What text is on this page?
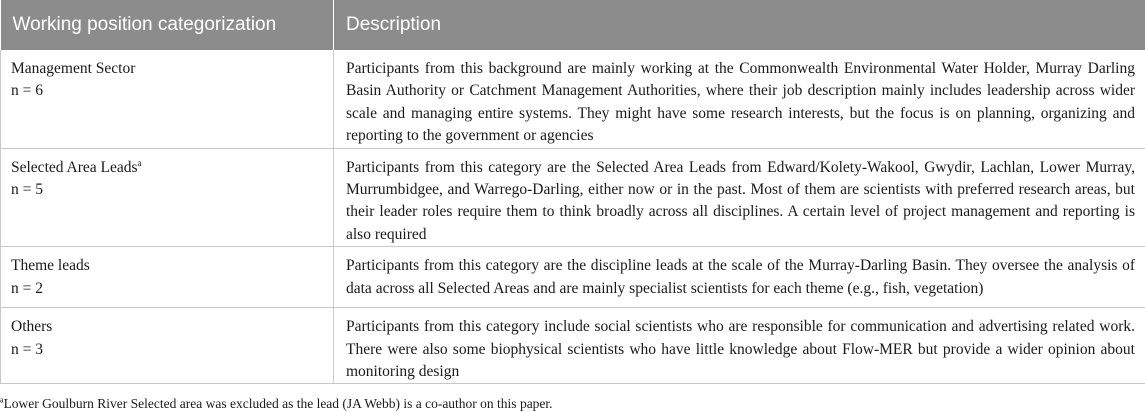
Working position categorization	Description

Management Sector
n = 6	Participants from this background are mainly working at the Commonwealth Environmental Water Holder, Murray Darling Basin Authority or Catchment Management Authorities, where their job description mainly includes leadership across wider scale and managing entire systems. They might have some research interests, but the focus is on planning, organizing and reporting to the government or agencies

Selected Area Leads$^a$
n = 5	Participants from this category are the Selected Area Leads from Edward/Kolety-Wakool, Gwydir, Lachlan, Lower Murray, Murrumbidgee, and Warrego-Darling, either now or in the past. Most of them are scientists with preferred research areas, but their leader roles require them to think broadly across all disciplines. A certain level of project management and reporting is also required

Theme leads
n = 2	Participants from this category are the discipline leads at the scale of the Murray-Darling Basin. They oversee the analysis of data across all Selected Areas and are mainly specialist scientists for each theme (e.g., fish, vegetation)

Others
n = 3	Participants from this category include social scientists who are responsible for communication and advertising related work. There were also some biophysical scientists who have little knowledge about Flow-MER but provide a wider opinion about monitoring design
$^a$Lower Goulburn River Selected area was excluded as the lead (JA Webb) is a co-author on this paper.
